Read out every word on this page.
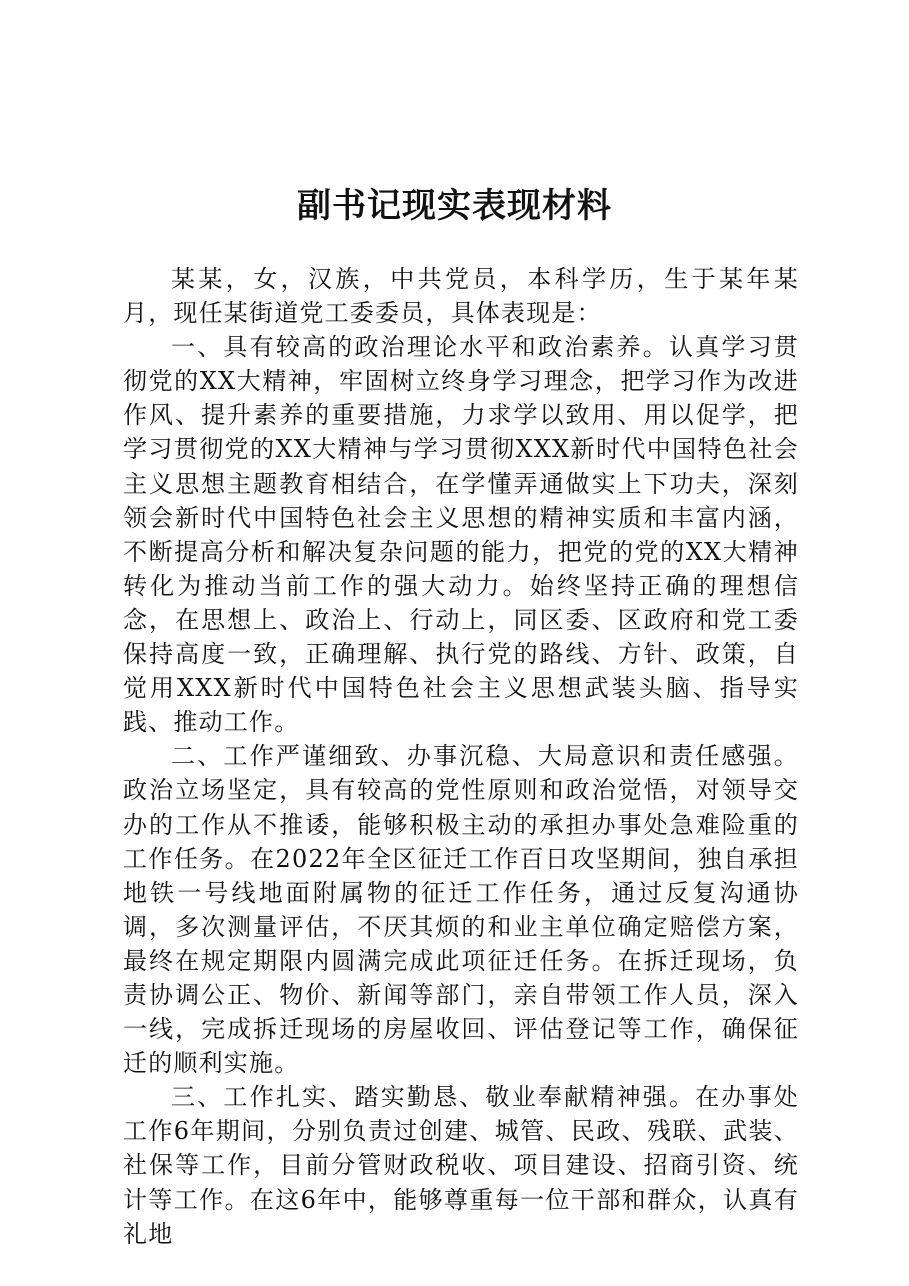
副书记现实表现材料

某某，女，汉族，中共党员，本科学历，生于某年某月，现任某街道党工委委员，具体表现是：

一、具有较高的政治理论水平和政治素养。认真学习贯彻党的XX大精神，牢固树立终身学习理念，把学习作为改进作风、提升素养的重要措施，力求学以致用、用以促学，把学习贯彻党的XX大精神与学习贯彻XXX新时代中国特色社会主义思想主题教育相结合，在学懂弄通做实上下功夫，深刻领会新时代中国特色社会主义思想的精神实质和丰富内涵，不断提高分析和解决复杂问题的能力，把党的党的XX大精神转化为推动当前工作的强大动力。始终坚持正确的理想信念，在思想上、政治上、行动上，同区委、区政府和党工委保持高度一致，正确理解、执行党的路线、方针、政策，自觉用XXX新时代中国特色社会主义思想武装头脑、指导实践、推动工作。

二、工作严谨细致、办事沉稳、大局意识和责任感强。政治立场坚定，具有较高的党性原则和政治觉悟，对领导交办的工作从不推诿，能够积极主动的承担办事处急难险重的工作任务。在2022年全区征迁工作百日攻坚期间，独自承担地铁一号线地面附属物的征迁工作任务，通过反复沟通协调，多次测量评估，不厌其烦的和业主单位确定赔偿方案，最终在规定期限内圆满完成此项征迁任务。在拆迁现场，负责协调公正、物价、新闻等部门，亲自带领工作人员，深入一线，完成拆迁现场的房屋收回、评估登记等工作，确保征迁的顺利实施。

三、工作扎实、踏实勤恳、敬业奉献精神强。在办事处工作6年期间，分别负责过创建、城管、民政、残联、武装、社保等工作，目前分管财政税收、项目建设、招商引资、统计等工作。在这6年中，能够尊重每一位干部和群众，认真有礼地
